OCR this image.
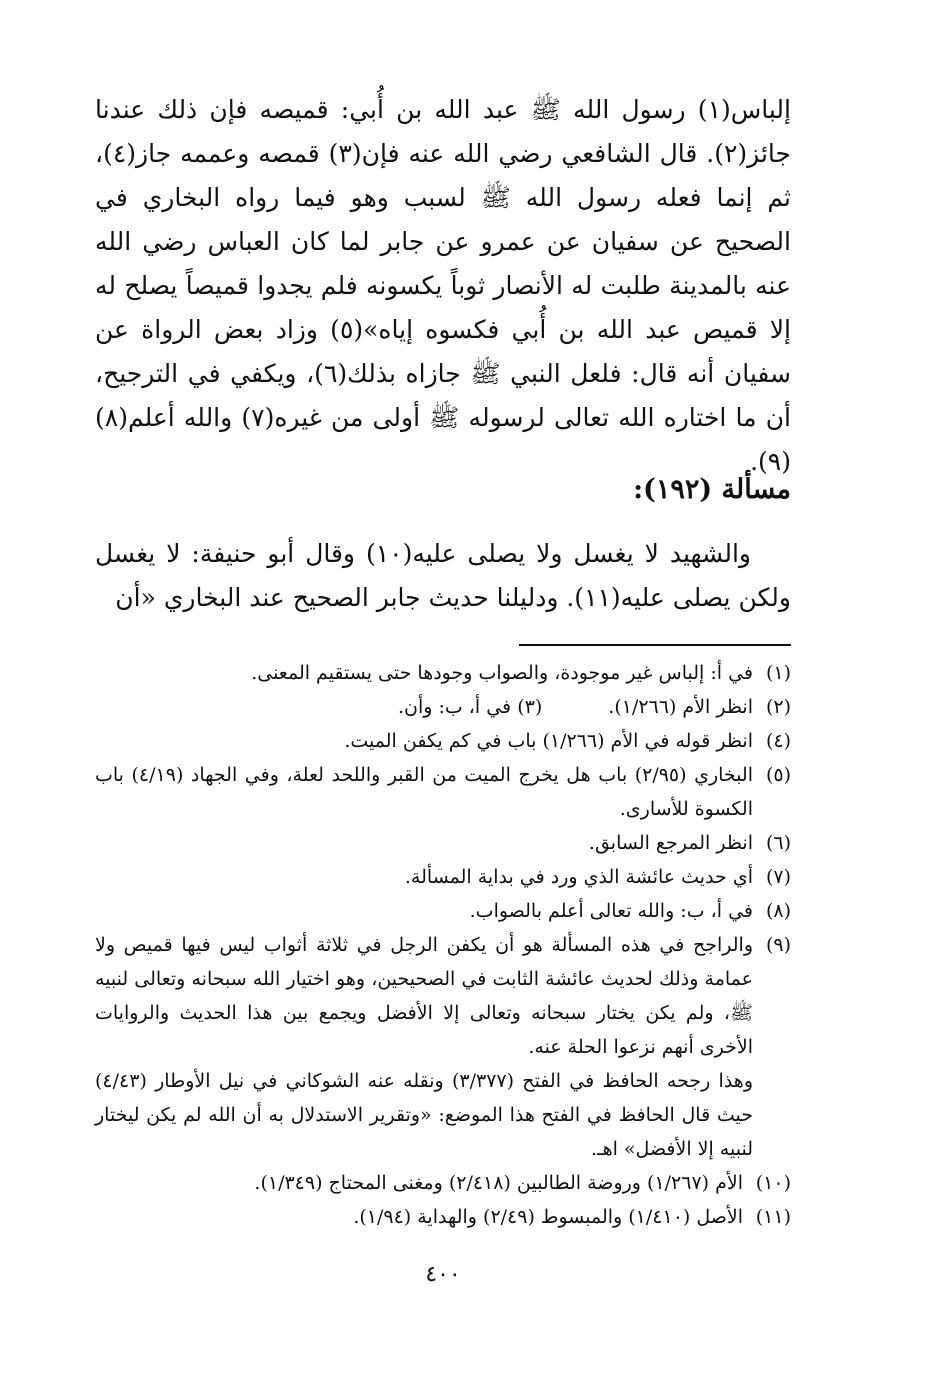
إلباس(١) رسول الله ﷺ عبد الله بن أُبي: قميصه فإن ذلك عندنا جائز(٢). قال الشافعي رضي الله عنه فإن(٣) قمصه وعممه جاز(٤)، ثم إنما فعله رسول الله ﷺ لسبب وهو فيما رواه البخاري في الصحيح عن سفيان عن عمرو عن جابر لما كان العباس رضي الله عنه بالمدينة طلبت له الأنصار ثوباً يكسونه فلم يجدوا قميصاً يصلح له إلا قميص عبد الله بن أُبي فكسوه إياه»(٥) وزاد بعض الرواة عن سفيان أنه قال: فلعل النبي ﷺ جازاه بذلك(٦)، ويكفي في الترجيح، أن ما اختاره الله تعالى لرسوله ﷺ أولى من غيره(٧) والله أعلم(٨)(٩).

مسألة (١٩٢):

والشهيد لا يغسل ولا يصلى عليه(١٠) وقال أبو حنيفة: لا يغسل ولكن يصلى عليه(١١). ودليلنا حديث جابر الصحيح عند البخاري «أن

(١)
في أ: إلباس غير موجودة، والصواب وجودها حتى يستقيم المعنى.
(٢)
انظر الأم (١/٢٦٦). (٣) في أ، ب: وأن.
(٤)
انظر قوله في الأم (١/٢٦٦) باب في كم يكفن الميت.
(٥)
البخاري (٢/٩٥) باب هل يخرج الميت من القبر واللحد لعلة، وفي الجهاد (٤/١٩) باب الكسوة للأسارى.
(٦)
انظر المرجع السابق.
(٧)
أي حديث عائشة الذي ورد في بداية المسألة.
(٨)
في أ، ب: والله تعالى أعلم بالصواب.
(٩)
والراجح في هذه المسألة هو أن يكفن الرجل في ثلاثة أثواب ليس فيها قميص ولا عمامة وذلك لحديث عائشة الثابت في الصحيحين، وهو اختيار الله سبحانه وتعالى لنبيه ﷺ، ولم يكن يختار سبحانه وتعالى إلا الأفضل ويجمع بين هذا الحديث والروايات الأخرى أنهم نزعوا الحلة عنه.
وهذا رجحه الحافظ في الفتح (٣/٣٧٧) ونقله عنه الشوكاني في نيل الأوطار (٤/٤٣) حيث قال الحافظ في الفتح هذا الموضع: «وتقرير الاستدلال به أن الله لم يكن ليختار لنبيه إلا الأفضل» اهـ.
(١٠)
الأم (١/٢٦٧) وروضة الطالبين (٢/٤١٨) ومغنى المحتاج (١/٣٤٩).
(١١)
الأصل (١/٤١٠) والمبسوط (٢/٤٩) والهداية (١/٩٤).
٤٠٠
